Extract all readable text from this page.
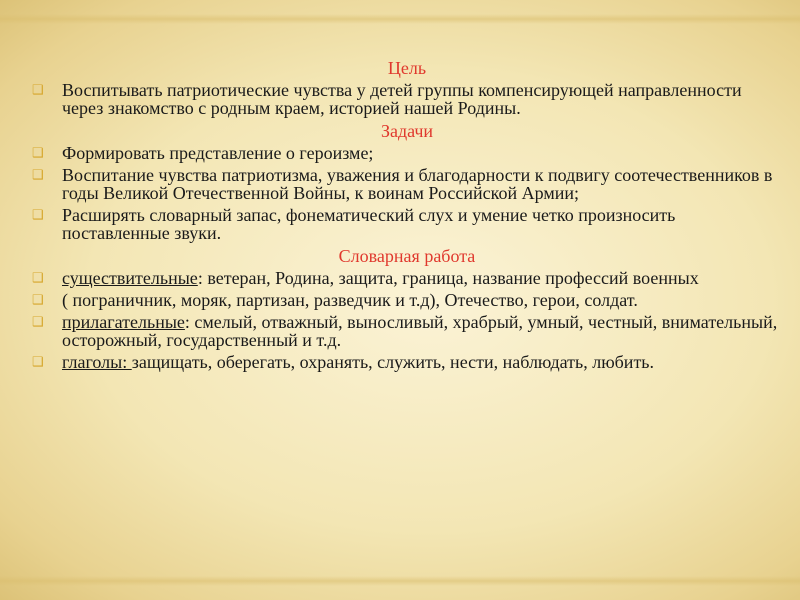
Цель
❑ Воспитывать патриотические чувства у детей группы компенсирующей направленности через знакомство с родным краем, историей нашей Родины.
Задачи
❑ Формировать представление о героизме;
❑ Воспитание чувства патриотизма, уважения и благодарности к подвигу соотечественников в годы Великой Отечественной Войны, к воинам Российской Армии;
❑ Расширять словарный запас, фонематический слух и умение четко произносить поставленные звуки.
Словарная работа
❑ существительные: ветеран, Родина, защита, граница, название профессий военных
❑ ( пограничник, моряк, партизан, разведчик и т.д), Отечество, герои, солдат.
❑ прилагательные: смелый, отважный, выносливый, храбрый, умный, честный, внимательный, осторожный, государственный и т.д.
❑ глаголы: защищать, оберегать, охранять, служить, нести, наблюдать, любить.
